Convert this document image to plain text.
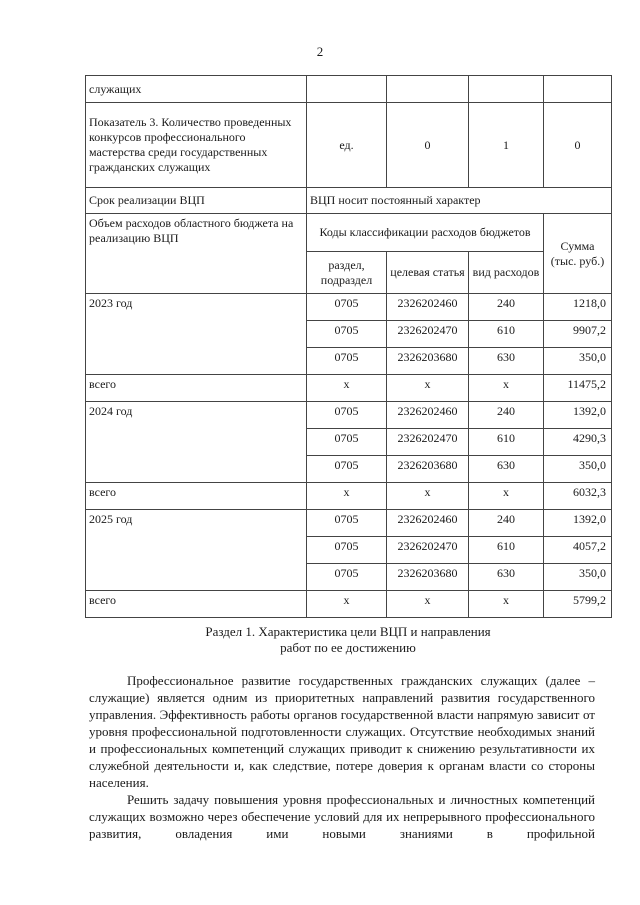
2
служащих				
Показатель 3. Количество проведенных конкурсов профессионального мастерства среди государственных гражданских служащих	ед.	0	1	0
Срок реализации ВЦП	ВЦП носит постоянный характер			
Объем расходов областного бюджета на реализацию ВЦП	Коды классификации расходов бюджетов			Сумма (тыс. руб.)
	раздел, подраздел	целевая статья	вид расходов	
2023 год	0705	2326202460	240	1218,0
	0705	2326202470	610	9907,2
	0705	2326203680	630	350,0
всего	х	х	х	11475,2
2024 год	0705	2326202460	240	1392,0
	0705	2326202470	610	4290,3
	0705	2326203680	630	350,0
всего	х	х	х	6032,3
2025 год	0705	2326202460	240	1392,0
	0705	2326202470	610	4057,2
	0705	2326203680	630	350,0
всего	х	х	х	5799,2
Раздел 1. Характеристика цели ВЦП и направления
работ по ее достижению

Профессиональное развитие государственных гражданских служащих (далее – служащие) является одним из приоритетных направлений развития государственного управления. Эффективность работы органов государственной власти напрямую зависит от уровня профессиональной подготовленности служащих. Отсутствие необходимых знаний и профессиональных компетенций служащих приводит к снижению результативности их служебной деятельности и, как следствие, потере доверия к органам власти со стороны населения.

Решить задачу повышения уровня профессиональных и личностных компетенций служащих возможно через обеспечение условий для их непрерывного профессионального развития, овладения ими новыми знаниями в профильной
